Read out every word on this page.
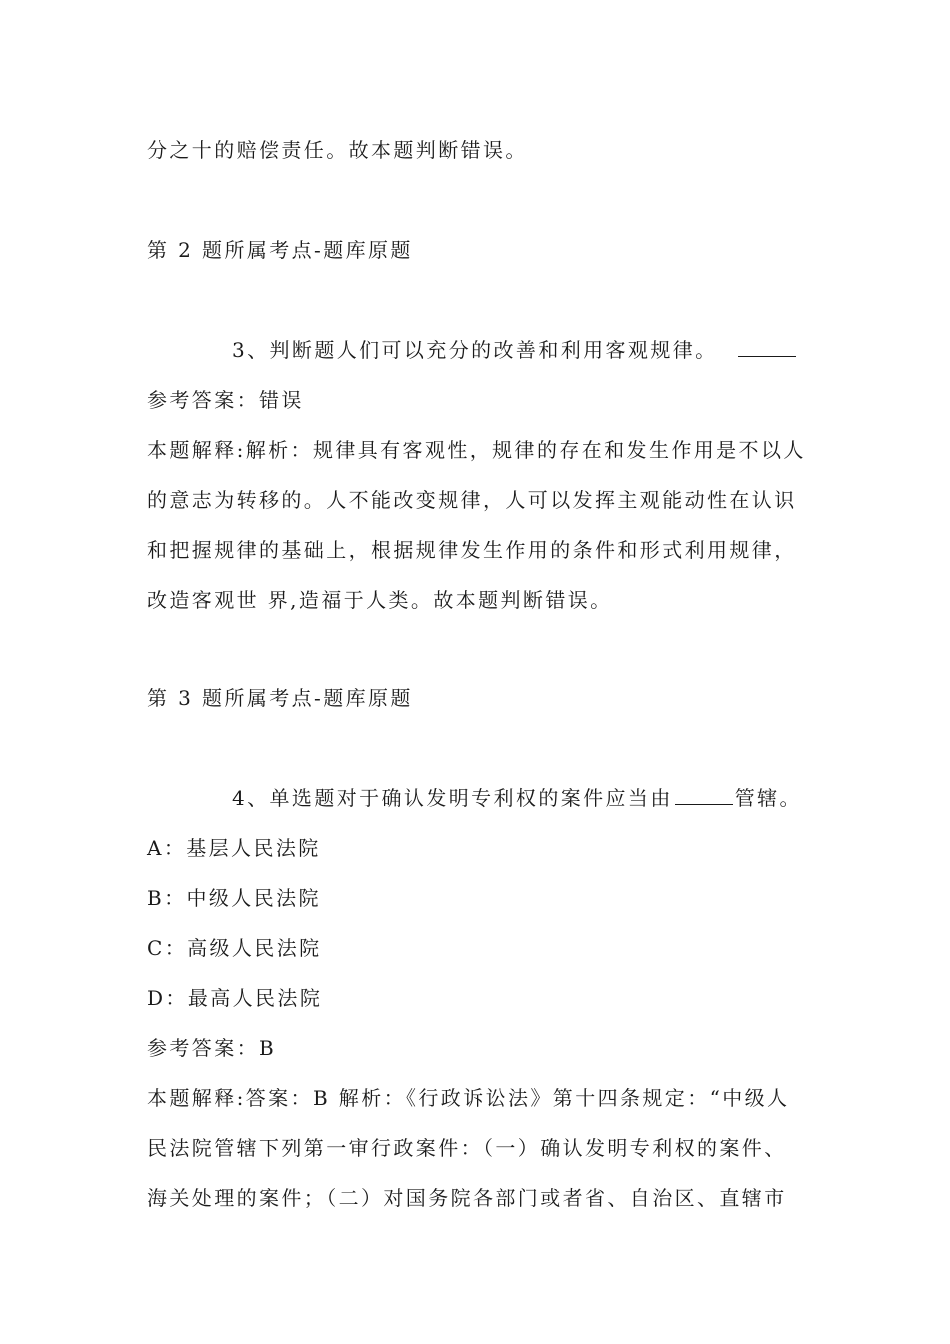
分之十的赔偿责任。故本题判断错误。
第 2 题所属考点-题库原题
3、判断题人们可以充分的改善和利用客观规律。
参考答案：错误
本题解释:解析：规律具有客观性，规律的存在和发生作用是不以人
的意志为转移的。人不能改变规律，人可以发挥主观能动性在认识
和把握规律的基础上，根据规律发生作用的条件和形式利用规律，
改造客观世 界,造福于人类。故本题判断错误。
第 3 题所属考点-题库原题
4、单选题对于确认发明专利权的案件应当由	管辖。
A：基层人民法院
B：中级人民法院
C：高级人民法院
D：最高人民法院
参考答案：B
本题解释:答案：B 解析：《行政诉讼法》第十四条规定：“中级人
民法院管辖下列第一审行政案件：（一）确认发明专利权的案件、
海关处理的案件；（二）对国务院各部门或者省、自治区、直辖市
